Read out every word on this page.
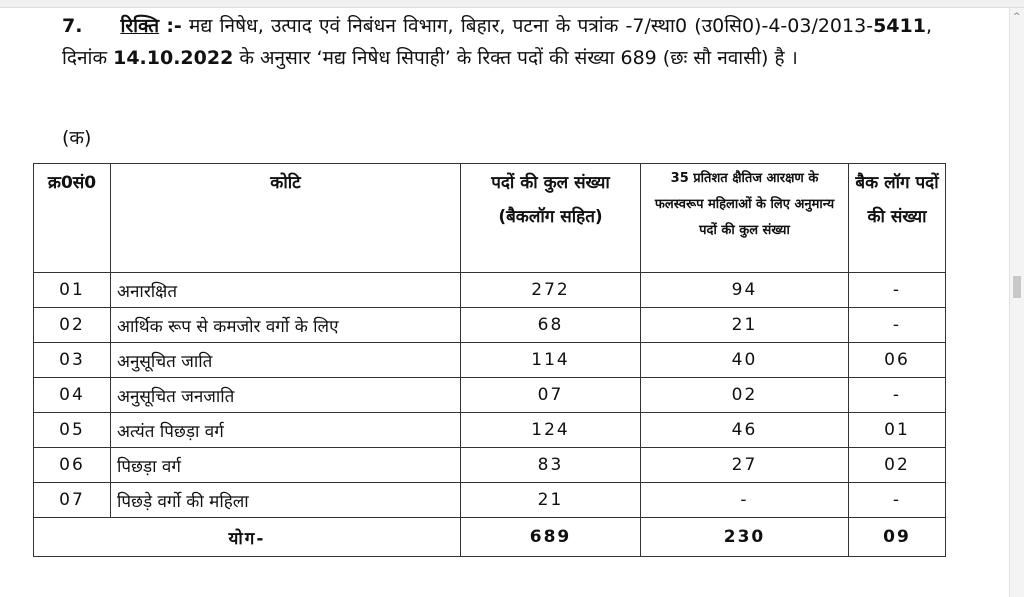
^
7. रिक्ति :- मद्य निषेध, उत्पाद एवं निबंधन विभाग, बिहार, पटना के पत्रांक -7/स्था0 (उ0सि0)-4-03/2013-5411, दिनांक 14.10.2022 के अनुसार ‘मद्य निषेध सिपाही’ के रिक्त पदों की संख्या 689 (छः सौ नवासी) है ।
(क)
क्र0सं0	कोटि	पदों की कुल संख्या (बैकलॉग सहित)	35 प्रतिशत क्षैतिज आरक्षण के फलस्वरूप महिलाओं के लिए अनुमान्य पदों की कुल संख्या	बैक लॉग पदों की संख्या
01	अनारक्षित	272	94	-
02	आर्थिक रूप से कमजोर वर्गो के लिए	68	21	-
03	अनुसूचित जाति	114	40	06
04	अनुसूचित जनजाति	07	02	-
05	अत्यंत पिछड़ा वर्ग	124	46	01
06	पिछड़ा वर्ग	83	27	02
07	पिछड़े वर्गो की महिला	21	-	-
योग-		689	230	09
